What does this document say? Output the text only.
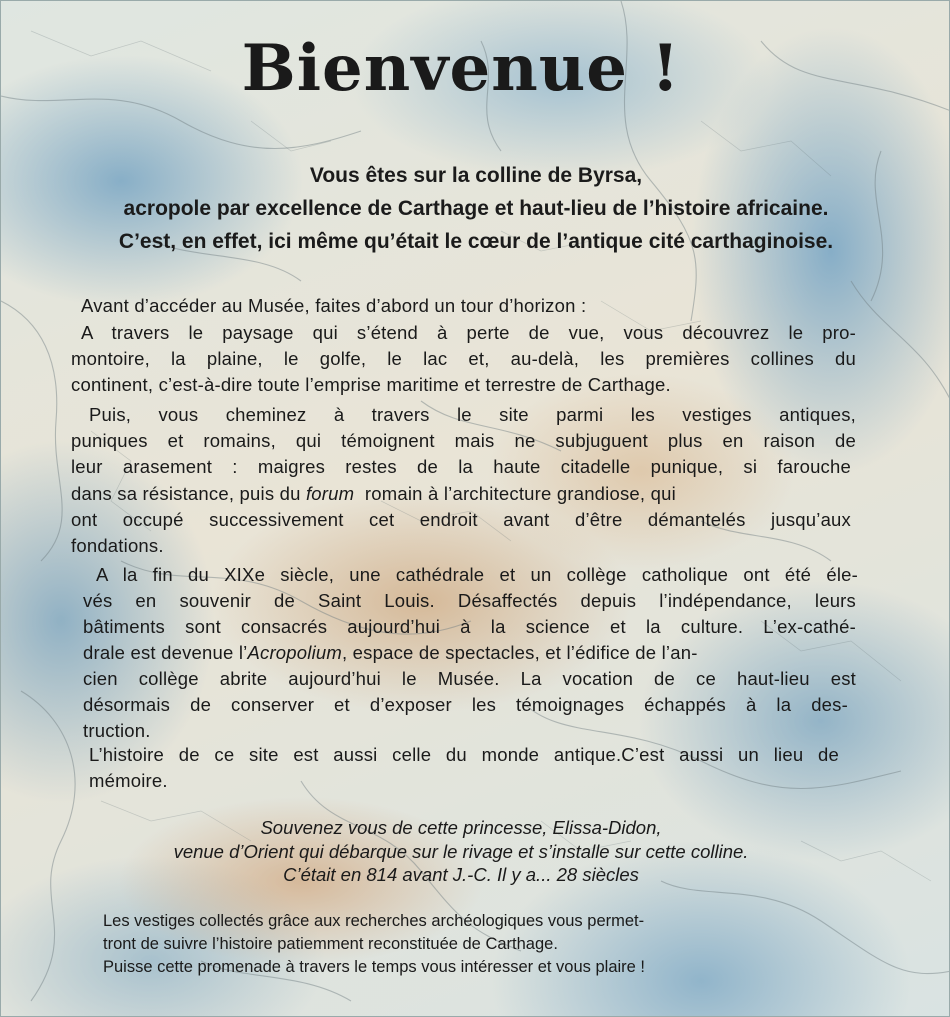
Bienvenue !
Vous êtes sur la colline de Byrsa,
acropole par excellence de Carthage et haut-lieu de l’histoire africaine.
C’est, en effet, ici même qu’était le cœur de l’antique cité carthaginoise.
Avant d’accéder au Musée, faites d’abord un tour d’horizon :
A travers le paysage qui s’étend à perte de vue, vous découvrez le pro-
montoire, la plaine, le golfe, le lac et, au-delà, les premières collines du
continent, c’est-à-dire toute l’emprise maritime et terrestre de Carthage.
Puis, vous cheminez à travers le site parmi les vestiges antiques,
puniques et romains, qui témoignent mais ne subjuguent plus en raison de
leur arasement : maigres restes de la haute citadelle punique, si farouche
dans sa résistance, puis du forum romain à l’architecture grandiose, qui
ont occupé successivement cet endroit avant d’être démantelés jusqu’aux
fondations.
A la fin du XIXe siècle, une cathédrale et un collège catholique ont été éle-
vés en souvenir de Saint Louis. Désaffectés depuis l’indépendance, leurs
bâtiments sont consacrés aujourd’hui à la science et la culture. L’ex-cathé-
drale est devenue l’Acropolium, espace de spectacles, et l’édifice de l’an-
cien collège abrite aujourd’hui le Musée. La vocation de ce haut-lieu est
désormais de conserver et d’exposer les témoignages échappés à la des-
truction.
L’histoire de ce site est aussi celle du monde antique.C’est aussi un lieu de
mémoire.
Souvenez vous de cette princesse, Elissa-Didon,
venue d’Orient qui débarque sur le rivage et s’installe sur cette colline.
C’était en 814 avant J.-C. Il y a... 28 siècles
Les vestiges collectés grâce aux recherches archéologiques vous permet-
tront de suivre l’histoire patiemment reconstituée de Carthage.
Puisse cette promenade à travers le temps vous intéresser et vous plaire !
